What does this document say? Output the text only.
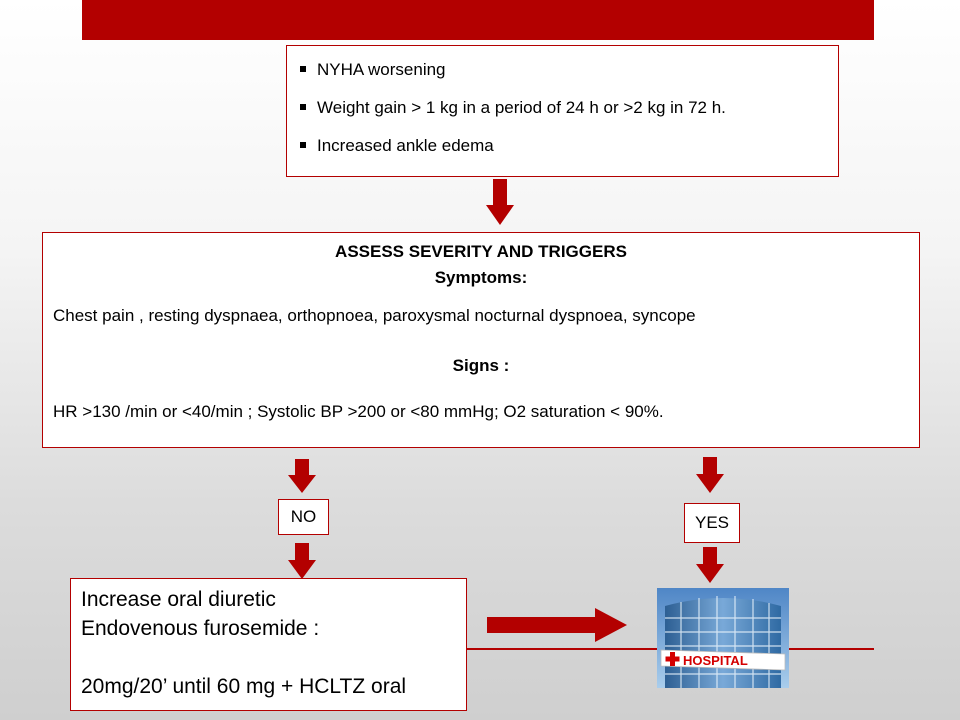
NYHA worsening
Weight gain > 1 kg in a period of 24 h or >2 kg in 72 h.
Increased ankle edema
ASSESS SEVERITY AND TRIGGERS
Symptoms:
Chest pain , resting dyspnaea, orthopnoea, paroxysmal nocturnal dyspnoea, syncope
Signs :
HR >130 /min or <40/min ; Systolic BP >200 or <80 mmHg; O2 saturation < 90%.
NO	YES
Increase oral diuretic
Endovenous furosemide :
20mg/20’ until 60 mg + HCLTZ oral
HOSPITAL
